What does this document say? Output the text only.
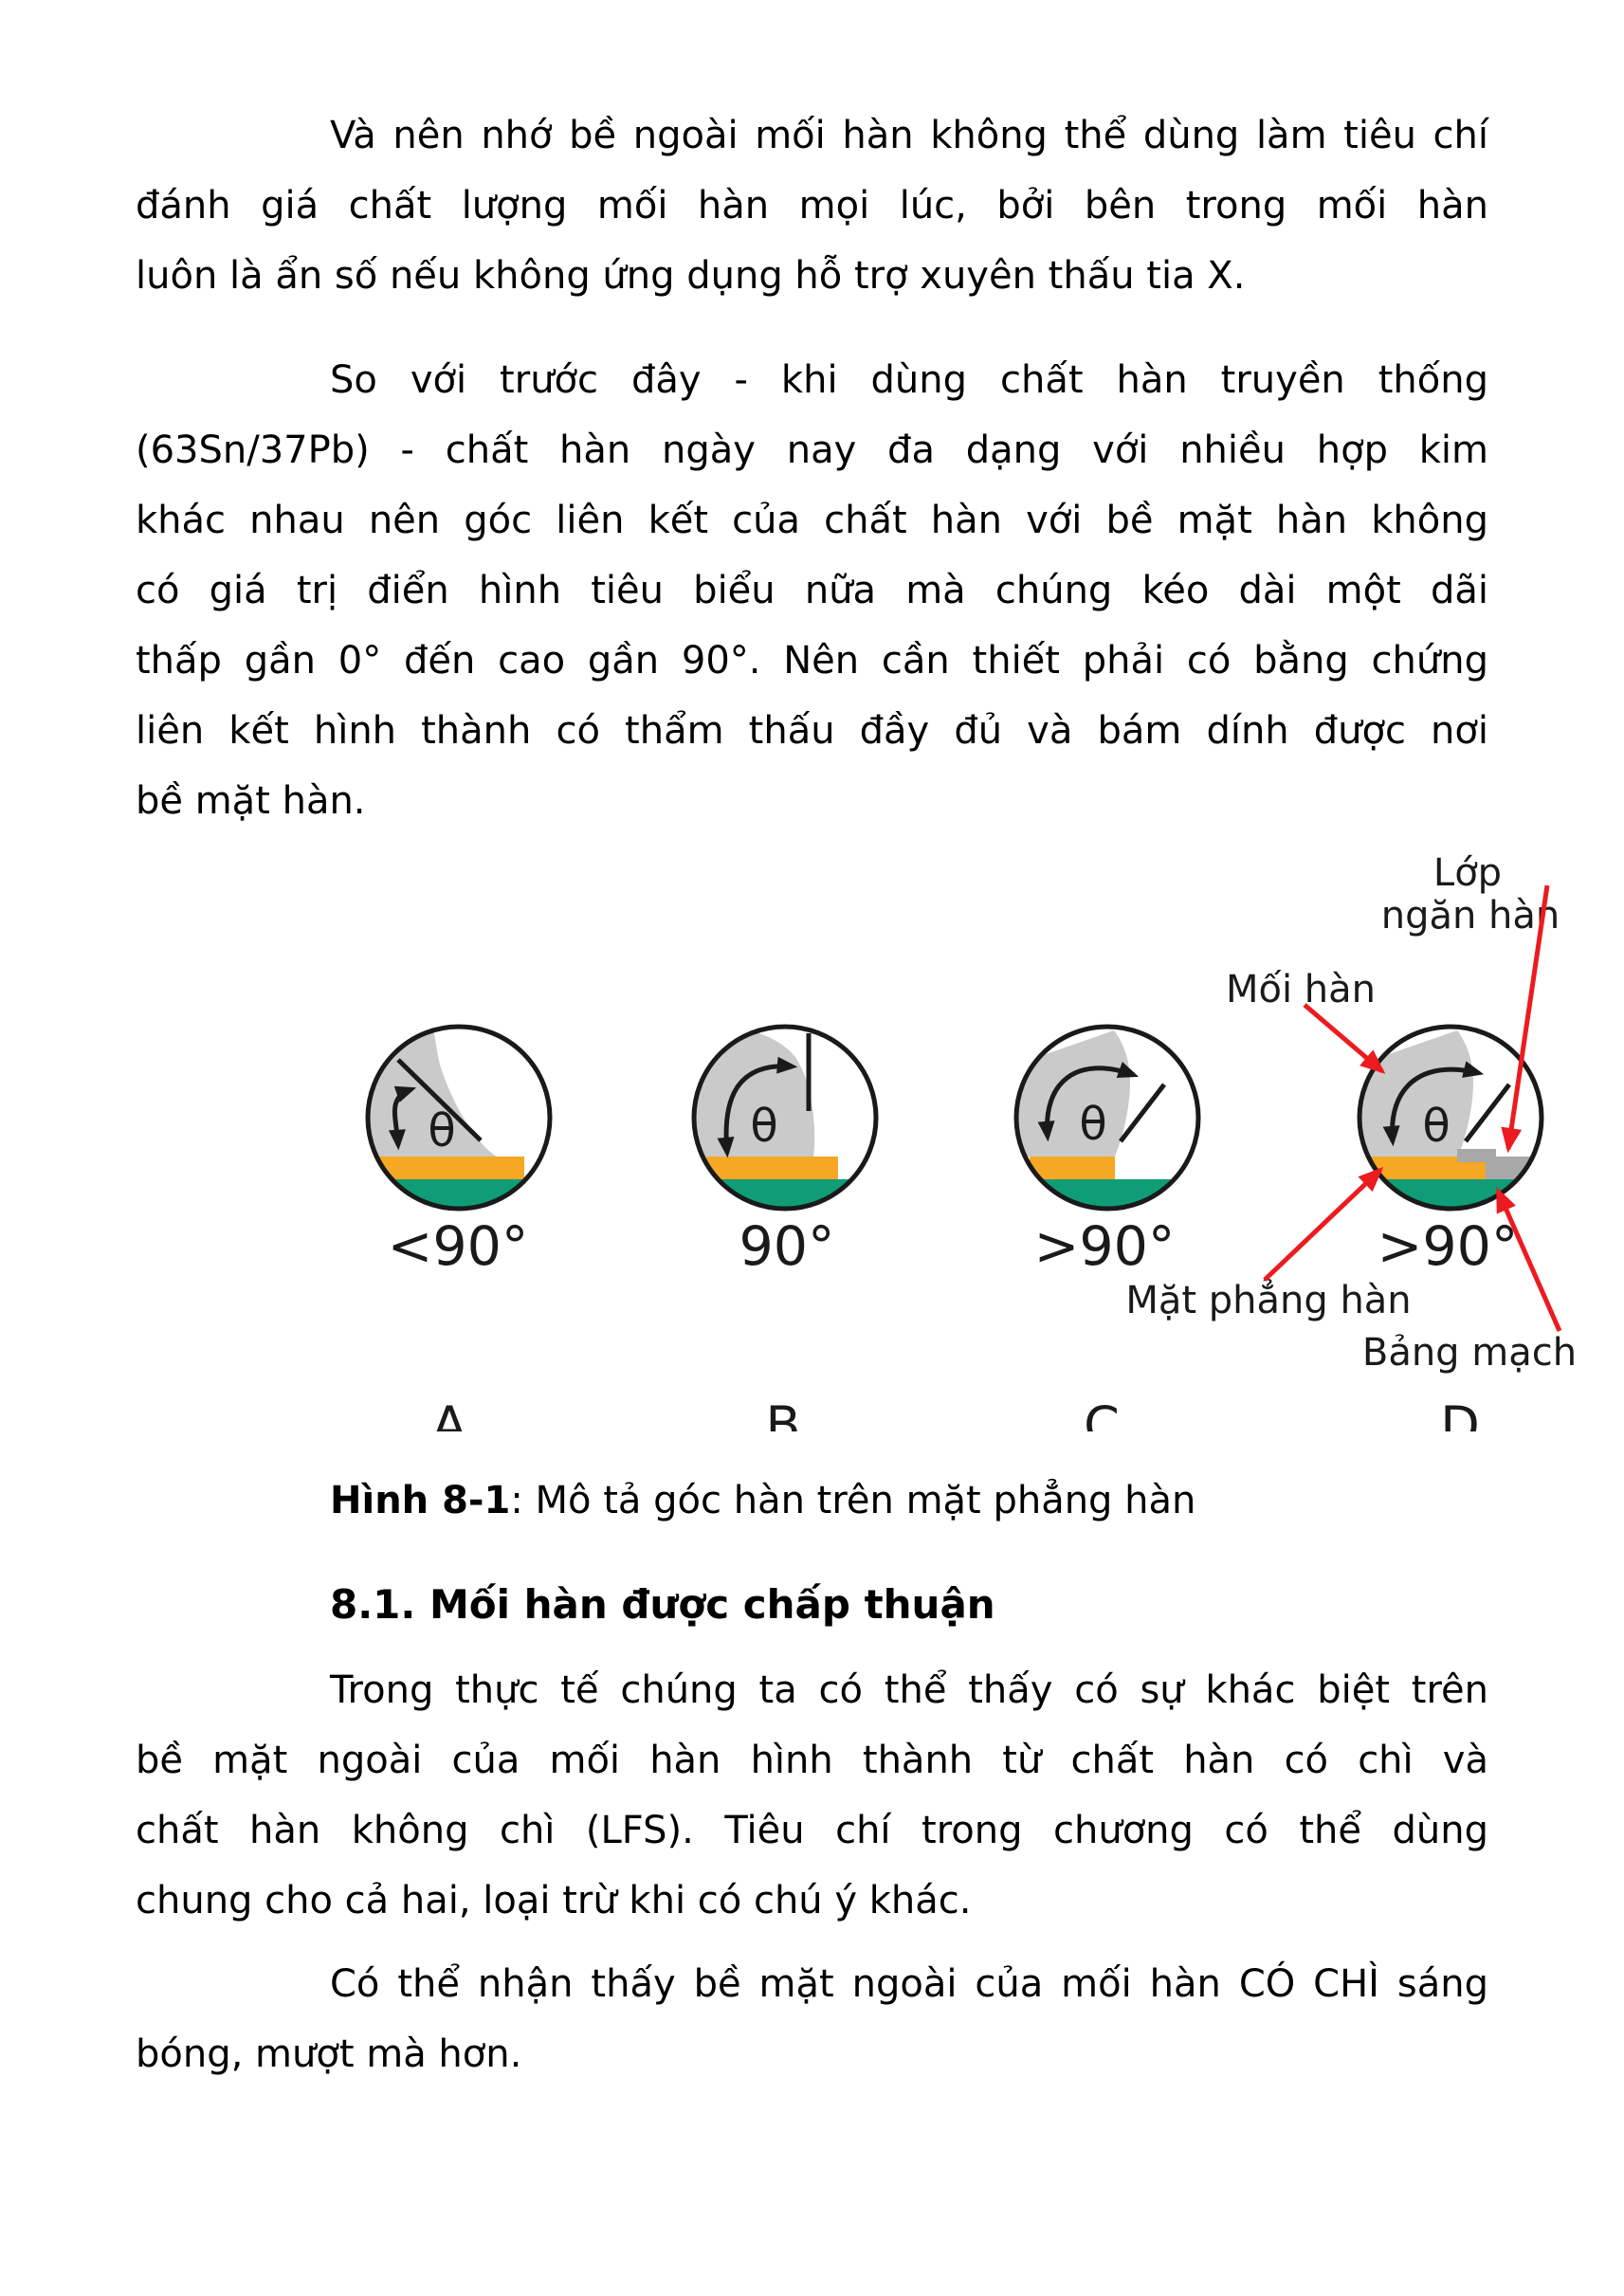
Và nên nhớ bề ngoài mối hàn không thể dùng làm tiêu chí
đánh giá chất lượng mối hàn mọi lúc, bởi bên trong mối hàn
luôn là ẩn số nếu không ứng dụng hỗ trợ xuyên thấu tia X.

So với trước đây - khi dùng chất hàn truyền thống
(63Sn/37Pb) - chất hàn ngày nay đa dạng với nhiều hợp kim
khác nhau nên góc liên kết của chất hàn với bề mặt hàn không
có giá trị điển hình tiêu biểu nữa mà chúng kéo dài một dãi
thấp gần 0° đến cao gần 90°. Nên cần thiết phải có bằng chứng
liên kết hình thành có thẩm thấu đầy đủ và bám dính được nơi
bề mặt hàn.

θ	θ	θ	θ
<90°	90°	>90°	>90°
A	B	C	D
Lớp
ngăn hàn
Mối hàn
Mặt phẳng hàn
Bảng mạch

Hình 8-1: Mô tả góc hàn trên mặt phẳng hàn

8.1. Mối hàn được chấp thuận

Trong thực tế chúng ta có thể thấy có sự khác biệt trên
bề mặt ngoài của mối hàn hình thành từ chất hàn có chì và
chất hàn không chì (LFS). Tiêu chí trong chương có thể dùng
chung cho cả hai, loại trừ khi có chú ý khác.

Có thể nhận thấy bề mặt ngoài của mối hàn CÓ CHÌ sáng
bóng, mượt mà hơn.
